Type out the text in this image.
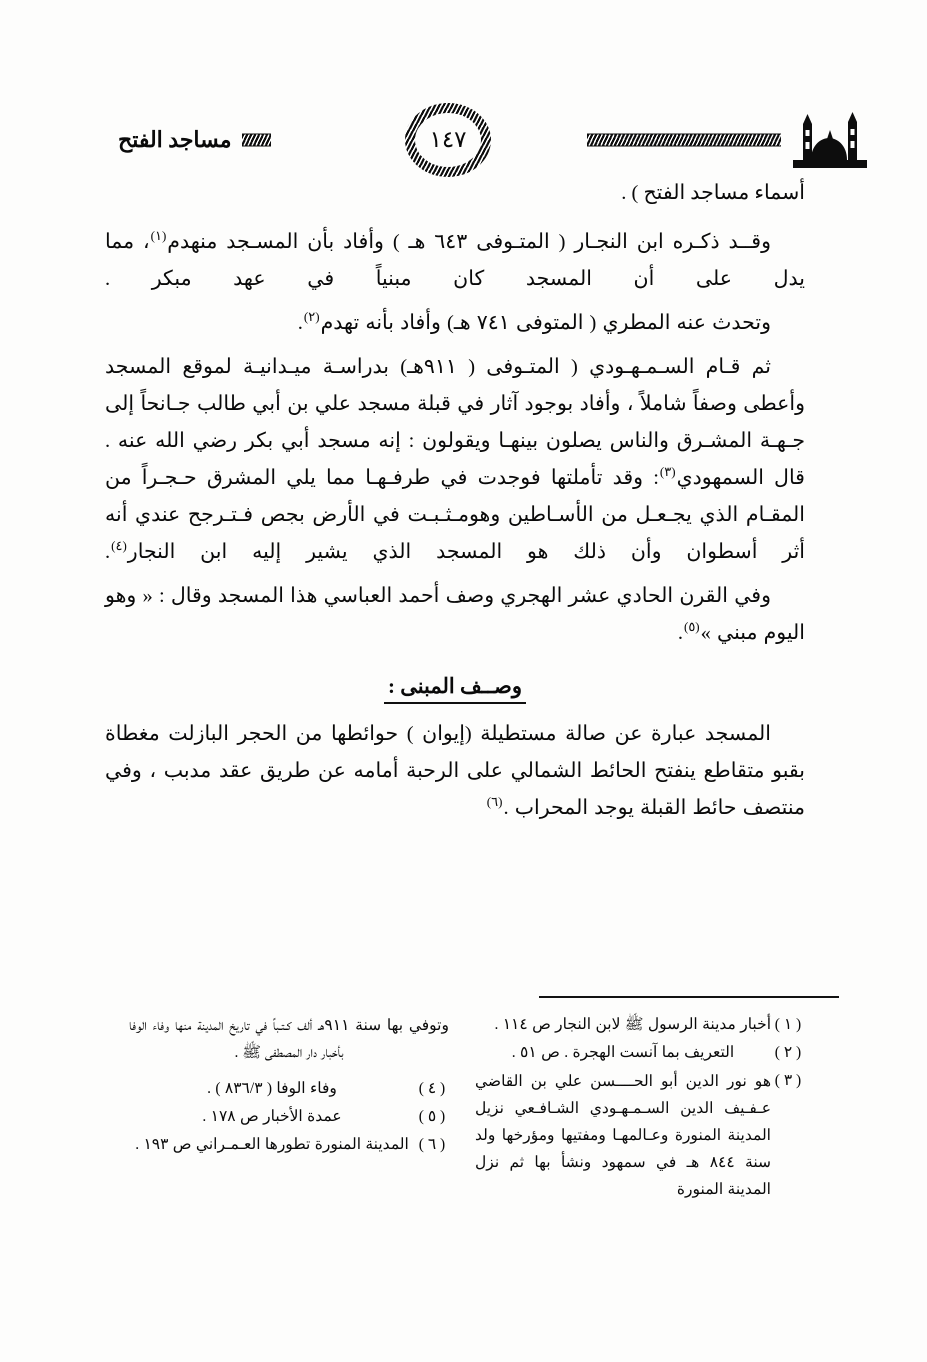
١٤٧
مساجد الفتح

أسماء مساجد الفتح ) .

وقــد ذكـره ابن النجـار ( المتـوفى ٦٤٣ هـ ) وأفاد بأن المسـجد منهدم$^{(١)}$، مما يدل على أن المسجد كان مبنياً في عهد مبكر .

وتحدث عنه المطري ( المتوفى ٧٤١ هـ) وأفاد بأنه تهدم$^{(٢)}$.

ثم قـام السـمـهـودي ( المتـوفى ( ٩١١هـ) بدراسـة ميـدانيـة لموقع المسجد وأعطى وصفاً شاملاً ، وأفاد بوجود آثار في قبلة مسجد علي بن أبي طالب جـانحاً إلى جـهـة المشـرق والناس يصلون بينهـا ويقولون : إنه مسجد أبي بكر رضي الله عنه . قال السمهودي$^{(٣)}$: وقد تأملتها فوجدت في طرفـهـا مما يلي المشرق حـجـراً من المقـام الذي يجـعـل من الأسـاطين وهومـثـبـت في الأرض بجص فـتـرجح عندي أنه أثر أسطوان وأن ذلك هو المسجد الذي يشير إليه ابن النجار$^{(٤)}$.

وفي القرن الحادي عشر الهجري وصف أحمد العباسي هذا المسجد وقال : « وهو اليوم مبني »$^{(٥)}$.

وصــف المبنى :

المسجد عبارة عن صالة مستطيلة (إيوان ) حوائطها من الحجر البازلت مغطاة بقبو متقاطع ينفتح الحائط الشمالي على الرحبة أمامه عن طريق عقد مدبب ، وفي منتصف حائط القبلة يوجد المحراب .$^{(٦)}$

( ١ )
أخبار مدينة الرسول ﷺ لابن النجار ص ١١٤ .
( ٢ )
التعريف بما آنست الهجرة . ص ٥١ .
( ٣ )
هو نور الدين أبو الحــــسن علي بن القاضي عـفـيف الدين السـمـهـودي الشـافـعي نزيل المدينة المنورة وعـالمهـا ومفتيها ومؤرخها ولد سنة ٨٤٤ هـ في سمهود ونشأ بها ثم نزل المدينة المنورة
وتوفي بها سنة ٩١١هـ ألف كـتـباً في تاريخ المدينة منها وفاء الوفا بأخبار دار المصطفى ﷺ .
( ٤ )
وفاء الوفا ( ٨٣٦/٣ ) .
( ٥ )
عمدة الأخبار ص ١٧٨ .
( ٦ )
المدينة المنورة تطورها العـمـراني ص ١٩٣ .
